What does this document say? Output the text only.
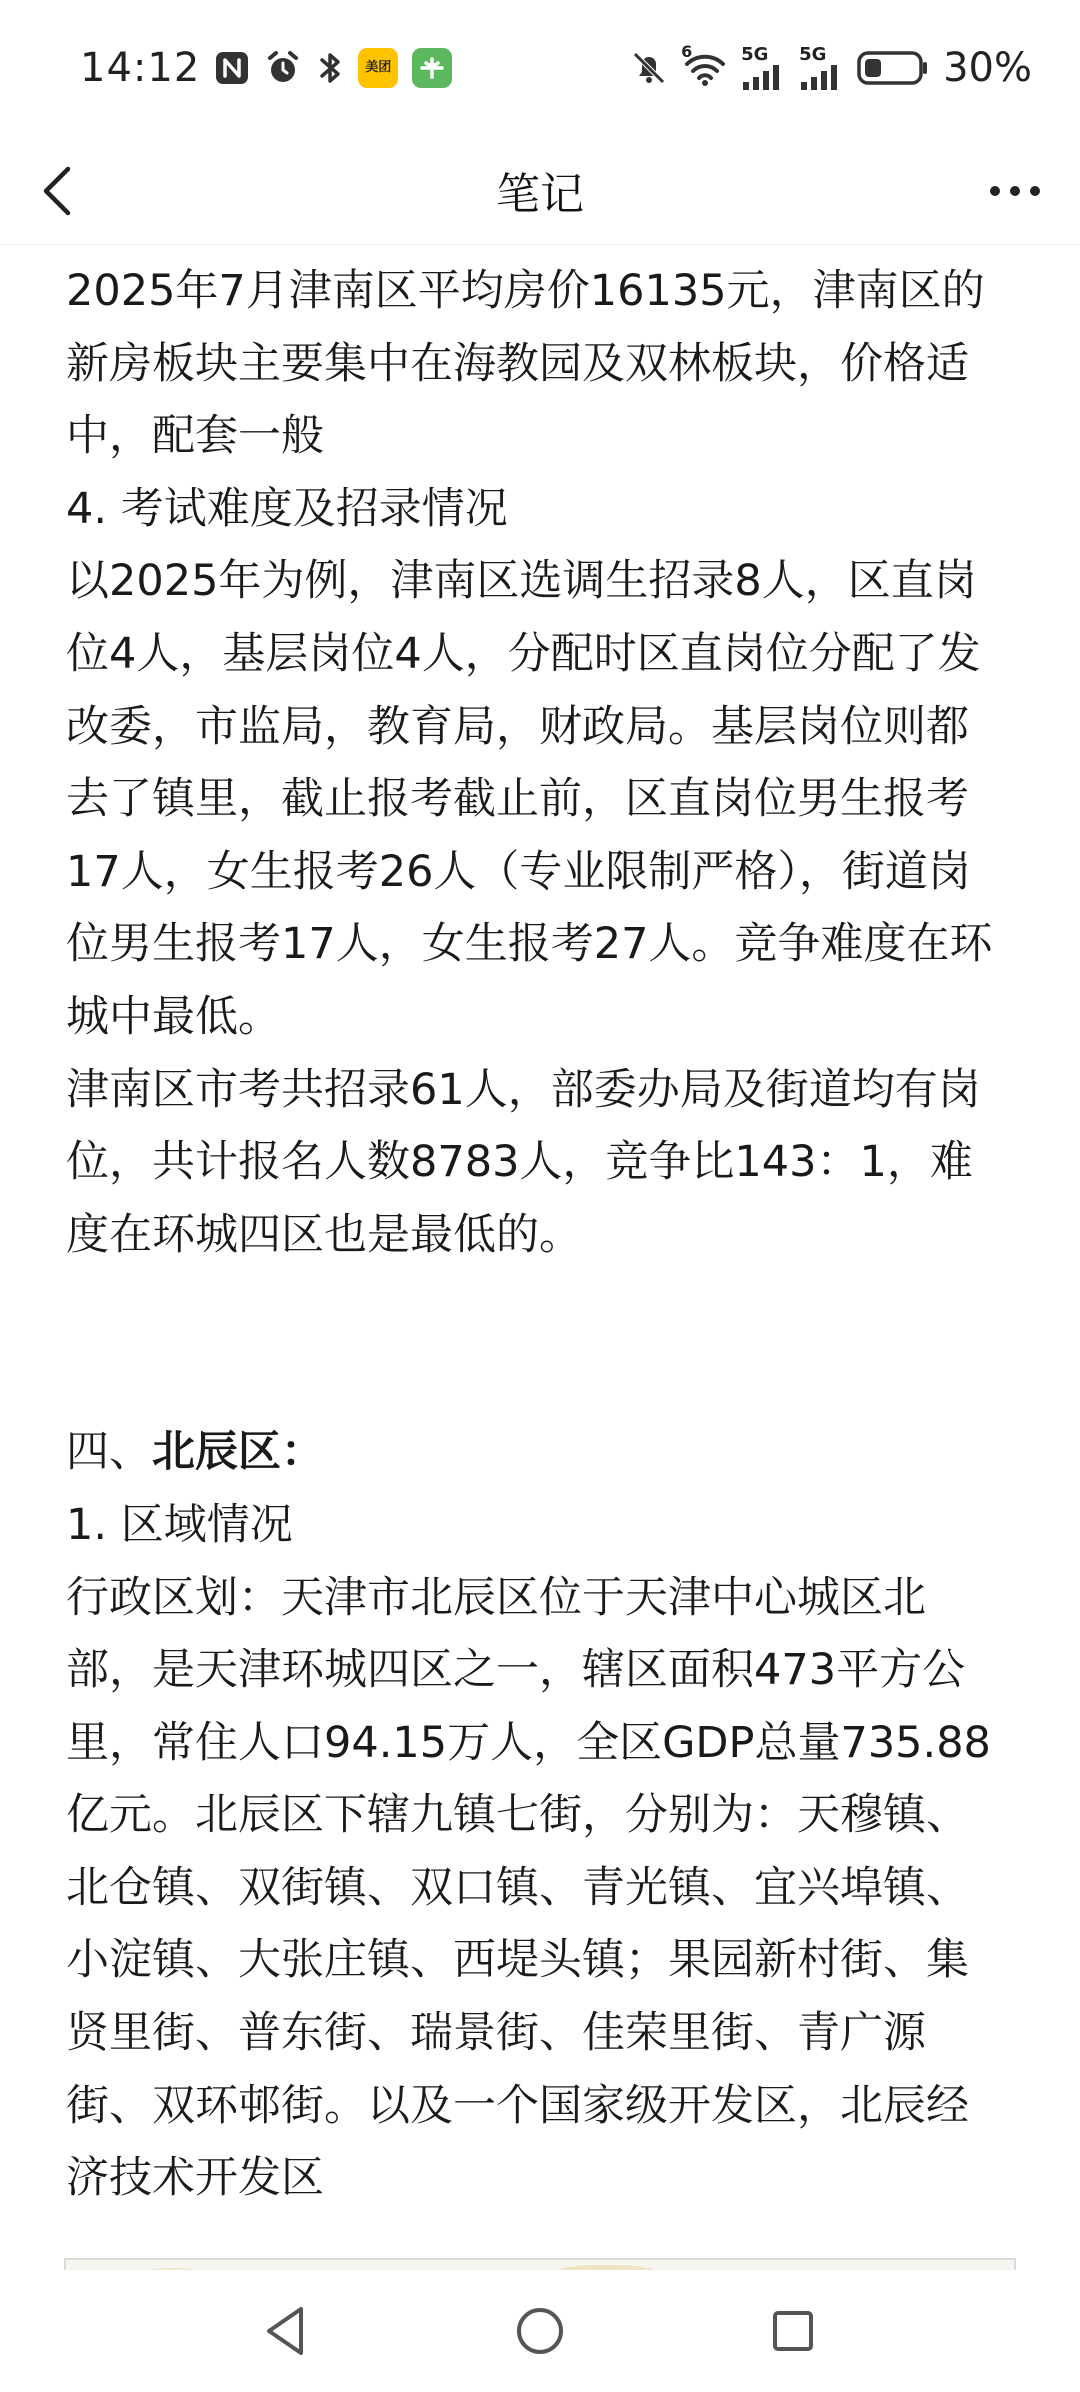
14:12	美团
6	5G 5G	30%
笔记
2025年7月津南区平均房价16135元，津南区的新房板块主要集中在海教园及双林板块，价格适中，配套一般
4. 考试难度及招录情况
以2025年为例，津南区选调生招录8人，区直岗位4人，基层岗位4人，分配时区直岗位分配了发改委，市监局，教育局，财政局。基层岗位则都去了镇里，截止报考截止前，区直岗位男生报考17人，女生报考26人（专业限制严格），街道岗位男生报考17人，女生报考27人。竞争难度在环城中最低。
津南区市考共招录61人，部委办局及街道均有岗位，共计报名人数8783人，竞争比143：1，难度在环城四区也是最低的。
四、北辰区：
1. 区域情况
行政区划：天津市北辰区位于天津中心城区北部，是天津环城四区之一，辖区面积473平方公里，常住人口94.15万人，全区GDP总量735.88亿元。北辰区下辖九镇七街，分别为：天穆镇、北仓镇、双街镇、双口镇、青光镇、宜兴埠镇、小淀镇、大张庄镇、西堤头镇；果园新村街、集贤里街、普东街、瑞景街、佳荣里街、青广源街、双环邨街。以及一个国家级开发区，北辰经济技术开发区
